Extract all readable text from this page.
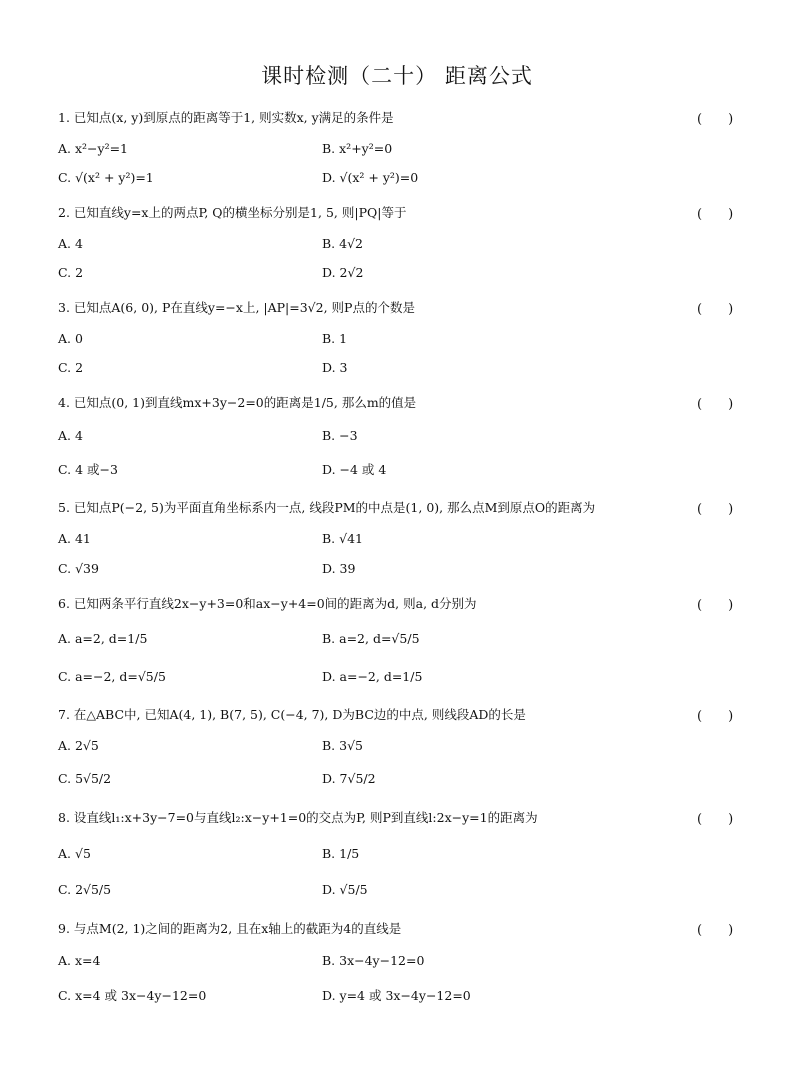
课时检测（二十） 距离公式
1. 已知点(x, y)到原点的距离等于1, 则实数x, y满足的条件是	(　　)
A. x²−y²=1	B. x²+y²=0
C. √(x² + y²)=1	D. √(x² + y²)=0
2. 已知直线y=x上的两点P, Q的横坐标分别是1, 5, 则|PQ|等于	(　　)
A. 4	B. 4√2
C. 2	D. 2√2
3. 已知点A(6, 0), P在直线y=−x上, |AP|=3√2, 则P点的个数是	(　　)
A. 0	B. 1
C. 2	D. 3
4. 已知点(0, 1)到直线mx+3y−2=0的距离是1/5, 那么m的值是	(　　)
A. 4	B. −3
C. 4 或−3	D. −4 或 4
5. 已知点P(−2, 5)为平面直角坐标系内一点, 线段PM的中点是(1, 0), 那么点M到原点O的距离为	(　　)
A. 41	B. √41
C. √39	D. 39
6. 已知两条平行直线2x−y+3=0和ax−y+4=0间的距离为d, 则a, d分别为	(　　)
A. a=2, d=1/5	B. a=2, d=√5/5
C. a=−2, d=√5/5	D. a=−2, d=1/5
7. 在△ABC中, 已知A(4, 1), B(7, 5), C(−4, 7), D为BC边的中点, 则线段AD的长是	(　　)
A. 2√5	B. 3√5
C. 5√5/2	D. 7√5/2
8. 设直线l₁:x+3y−7=0与直线l₂:x−y+1=0的交点为P, 则P到直线l:2x−y=1的距离为	(　　)
A. √5	B. 1/5
C. 2√5/5	D. √5/5
9. 与点M(2, 1)之间的距离为2, 且在x轴上的截距为4的直线是	(　　)
A. x=4	B. 3x−4y−12=0
C. x=4 或 3x−4y−12=0	D. y=4 或 3x−4y−12=0
